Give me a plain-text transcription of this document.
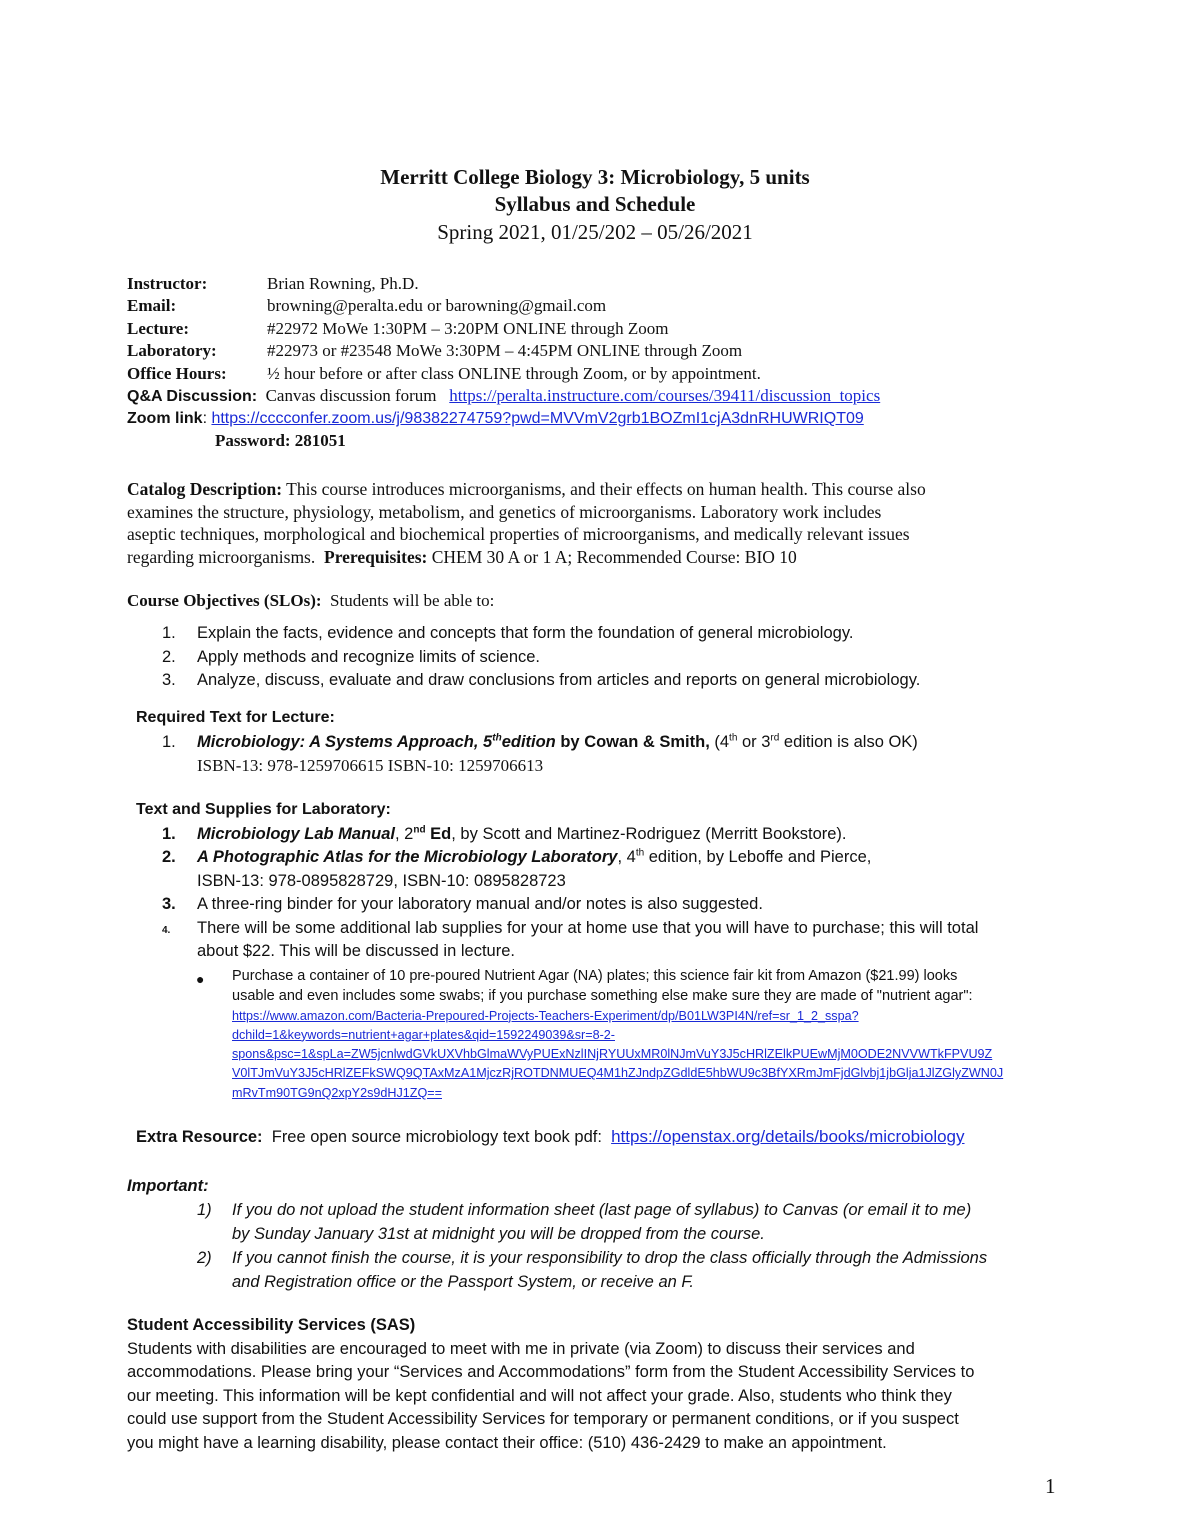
Merritt College Biology 3: Microbiology, 5 units
Syllabus and Schedule
Spring 2021, 01/25/202 – 05/26/2021
Instructor:	Brian Rowning, Ph.D.
Email:	browning@peralta.edu or barowning@gmail.com
Lecture:	#22972 MoWe 1:30PM – 3:20PM ONLINE through Zoom
Laboratory:	#22973 or #23548 MoWe 3:30PM – 4:45PM ONLINE through Zoom
Office Hours: ½ hour before or after class ONLINE through Zoom, or by appointment.
Q&A Discussion: Canvas discussion forum https://peralta.instructure.com/courses/39411/discussion_topics
Zoom link: https://cccconfer.zoom.us/j/98382274759?pwd=MVVmV2grb1BOZmI1cjA3dnRHUWRIQT09
Password: 281051
Catalog Description: This course introduces microorganisms, and their effects on human health. This course also
examines the structure, physiology, metabolism, and genetics of microorganisms. Laboratory work includes
aseptic techniques, morphological and biochemical properties of microorganisms, and medically relevant issues
regarding microorganisms. Prerequisites: CHEM 30 A or 1 A; Recommended Course: BIO 10
Course Objectives (SLOs): Students will be able to:
1. Explain the facts, evidence and concepts that form the foundation of general microbiology.
2. Apply methods and recognize limits of science.
3. Analyze, discuss, evaluate and draw conclusions from articles and reports on general microbiology.
Required Text for Lecture:
1. Microbiology: A Systems Approach, 5thedition by Cowan & Smith, (4th or 3rd edition is also OK)
ISBN-13: 978-1259706615 ISBN-10: 1259706613
Text and Supplies for Laboratory:
1. Microbiology Lab Manual, 2nd Ed, by Scott and Martinez-Rodriguez (Merritt Bookstore).
2. A Photographic Atlas for the Microbiology Laboratory, 4th edition, by Leboffe and Pierce,
ISBN-13: 978-0895828729, ISBN-10: 0895828723
3. A three-ring binder for your laboratory manual and/or notes is also suggested.
4. There will be some additional lab supplies for your at home use that you will have to purchase; this will total
about $22. This will be discussed in lecture.
● Purchase a container of 10 pre-poured Nutrient Agar (NA) plates; this science fair kit from Amazon ($21.99) looks
usable and even includes some swabs; if you purchase something else make sure they are made of "nutrient agar":
https://www.amazon.com/Bacteria-Prepoured-Projects-Teachers-Experiment/dp/B01LW3PI4N/ref=sr_1_2_sspa?
dchild=1&keywords=nutrient+agar+plates&qid=1592249039&sr=8-2-
spons&psc=1&spLa=ZW5jcnlwdGVkUXVhbGlmaWVyPUExNzlINjRYUUxMR0lNJmVuY3J5cHRlZElkPUEwMjM0ODE2NVVWTkFPVU9Z
V0lTJmVuY3J5cHRlZEFkSWQ9QTAxMzA1MjczRjROTDNMUEQ4M1hZJndpZGdldE5hbWU9c3BfYXRmJmFjdGlvbj1jbGlja1JlZGlyZWN0J
mRvTm90TG9nQ2xpY2s9dHJ1ZQ==
Extra Resource: Free open source microbiology text book pdf: https://openstax.org/details/books/microbiology
Important:
1) If you do not upload the student information sheet (last page of syllabus) to Canvas (or email it to me)
by Sunday January 31st at midnight you will be dropped from the course.
2) If you cannot finish the course, it is your responsibility to drop the class officially through the Admissions
and Registration office or the Passport System, or receive an F.
Student Accessibility Services (SAS)
Students with disabilities are encouraged to meet with me in private (via Zoom) to discuss their services and
accommodations. Please bring your “Services and Accommodations” form from the Student Accessibility Services to
our meeting. This information will be kept confidential and will not affect your grade. Also, students who think they
could use support from the Student Accessibility Services for temporary or permanent conditions, or if you suspect
you might have a learning disability, please contact their office: (510) 436-2429 to make an appointment.
1
